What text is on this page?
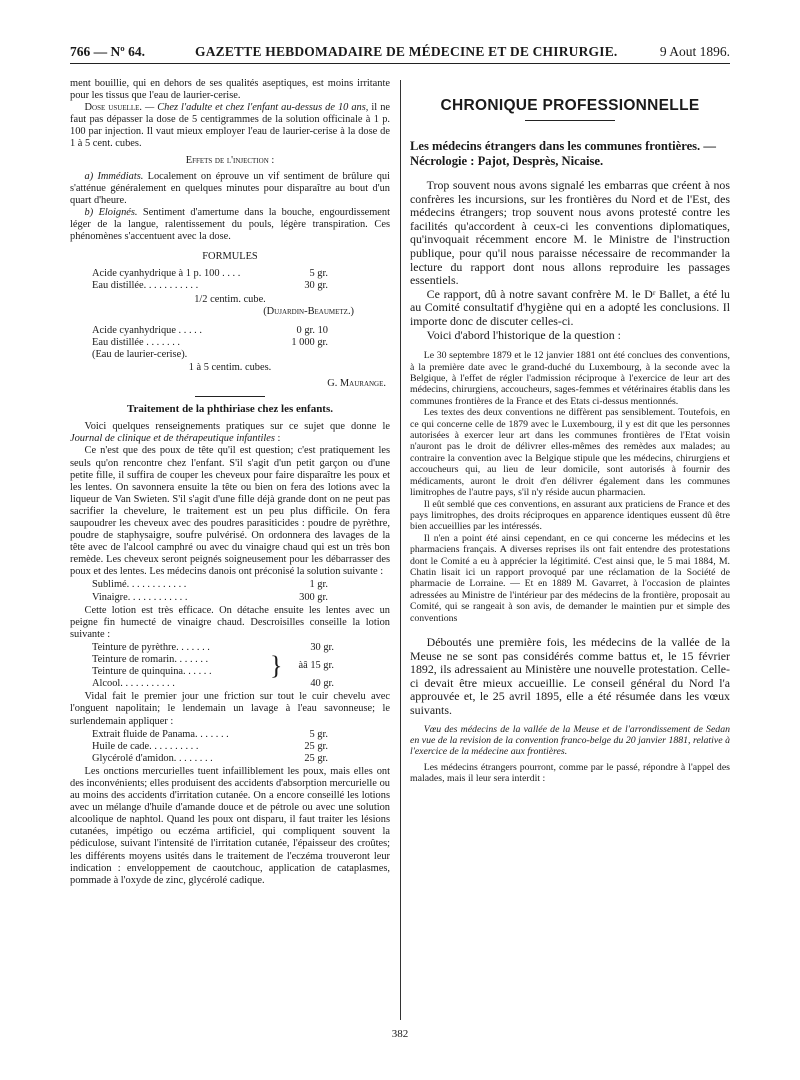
766 — Nº 64.	GAZETTE HEBDOMADAIRE DE MÉDECINE ET DE CHIRURGIE.	9 Aout 1896.

ment bouillie, qui en dehors de ses qualités aseptiques, est moins irritante pour les tissus que l'eau de laurier-cerise.

Dose usuelle. — Chez l'adulte et chez l'enfant au-dessus de 10 ans, il ne faut pas dépasser la dose de 5 centigrammes de la solution officinale à 1 p. 100 par injection. Il vaut mieux employer l'eau de laurier-cerise à la dose de 1 à 5 cent. cubes.

Effets de l'injection :

a) Immédiats. Localement on éprouve un vif sentiment de brûlure qui s'atténue généralement en quelques minutes pour disparaître au bout d'un quart d'heure.

b) Eloignés. Sentiment d'amertume dans la bouche, engourdissement léger de la langue, ralentissement du pouls, légère transpiration. Ces phénomènes s'accentuent avec la dose.

FORMULES

Acide cyanhydrique à 1 p. 100 . . . .	5 gr.
Eau distillée. . . . . . . . . . .	30 gr.

1/2 centim. cube.

(Dujardin-Beaumetz.)

Acide cyanhydrique . . . . .	0 gr. 10
Eau distillée . . . . . . .	1 000 gr.
(Eau de laurier-cerise).	

1 à 5 centim. cubes.

G. Maurange.

Traitement de la phthiriase chez les enfants.

Voici quelques renseignements pratiques sur ce sujet que donne le Journal de clinique et de thérapeutique infantiles :

Ce n'est que des poux de tête qu'il est question; c'est pratiquement les seuls qu'on rencontre chez l'enfant. S'il s'agit d'un petit garçon ou d'une petite fille, il suffira de couper les cheveux pour faire disparaître les poux et les lentes. On savonnera ensuite la tête ou bien on fera des lotions avec la liqueur de Van Swieten. S'il s'agit d'une fille déjà grande dont on ne peut pas sacrifier la chevelure, le traitement est un peu plus difficile. On fera saupoudrer les cheveux avec des poudres parasiticides : poudre de pyrèthre, poudre de staphysaigre, soufre pulvérisé. On ordonnera des lavages de la tête avec de l'alcool camphré ou avec du vinaigre chaud qui est un très bon remède. Les cheveux seront peignés soigneusement pour les débarrasser des poux et des lentes. Les médecins danois ont préconisé la solution suivante :

Sublimé. . . . . . . . . . . .	1 gr.
Vinaigre. . . . . . . . . . . .	300 gr.

Cette lotion est très efficace. On détache ensuite les lentes avec un peigne fin humecté de vinaigre chaud. Descroisilles conseille la lotion suivante :

Teinture de pyrèthre. . . . . . .	30 gr.	
Teinture de romarin. . . . . . .	}	àâ 15 gr.
Teinture de quinquina. . . . . .		
Alcool. . . . . . . . . . .	40 gr.	

Vidal fait le premier jour une friction sur tout le cuir chevelu avec l'onguent napolitain; le lendemain un lavage à l'eau savonneuse; le surlendemain appliquer :

Extrait fluide de Panama. . . . . . .	5 gr.
Huile de cade. . . . . . . . . .	25 gr.
Glycérolé d'amidon. . . . . . . .	25 gr.

Les onctions mercurielles tuent infailliblement les poux, mais elles ont des inconvénients; elles produisent des accidents d'absorption mercurielle ou au moins des accidents d'irritation cutanée. On a encore conseillé les lotions avec un mélange d'huile d'amande douce et de pétrole ou avec une solution alcoolique de naphtol. Quand les poux ont disparu, il faut traiter les lésions cutanées, impétigo ou eczéma artificiel, qui compliquent souvent la pédiculose, suivant l'intensité de l'irritation cutanée, l'épaisseur des croûtes; les différents moyens usités dans le traitement de l'eczéma trouveront leur indication : enveloppement de caoutchouc, application de cataplasmes, pommade à l'oxyde de zinc, glycérolé cadique.

CHRONIQUE PROFESSIONNELLE

Les médecins étrangers dans les communes frontières. — Nécrologie : Pajot, Desprès, Nicaise.

Trop souvent nous avons signalé les embarras que créent à nos confrères les incursions, sur les frontières du Nord et de l'Est, des médecins étrangers; trop souvent nous avons protesté contre les facilités qu'accordent à ceux-ci les conventions diplomatiques, qu'invoquait récemment encore M. le Ministre de l'instruction publique, pour qu'il nous paraisse nécessaire de recommander la lecture du rapport dont nous allons reproduire les passages essentiels.

Ce rapport, dû à notre savant confrère M. le Dʳ Ballet, a été lu au Comité consultatif d'hygiène qui en a adopté les conclusions. Il importe donc de discuter celles-ci.

Voici d'abord l'historique de la question :

Le 30 septembre 1879 et le 12 janvier 1881 ont été conclues des conventions, à la première date avec le grand-duché du Luxembourg, à la seconde avec la Belgique, à l'effet de régler l'admission réciproque à l'exercice de leur art des médecins, chirurgiens, accoucheurs, sages-femmes et vétérinaires établis dans les communes frontières de la France et des Etats ci-dessus mentionnés.

Les textes des deux conventions ne diffèrent pas sensiblement. Toutefois, en ce qui concerne celle de 1879 avec le Luxembourg, il y est dit que les personnes autorisées à exercer leur art dans les communes frontières de l'Etat voisin n'auront pas le droit de délivrer elles-mêmes des remèdes aux malades; au contraire la convention avec la Belgique stipule que les médecins, chirurgiens et accoucheurs qui, au lieu de leur domicile, sont autorisés à fournir des médicaments, auront le droit d'en délivrer également dans les communes limitrophes de l'autre pays, s'il n'y réside aucun pharmacien.

Il eût semblé que ces conventions, en assurant aux praticiens de France et des pays limitrophes, des droits réciproques en apparence identiques eussent dû être bien accueillies par les intéressés.

Il n'en a point été ainsi cependant, en ce qui concerne les médecins et les pharmaciens français. A diverses reprises ils ont fait entendre des protestations dont le Comité a eu à apprécier la légitimité. C'est ainsi que, le 5 mai 1884, M. Chatin lisait ici un rapport provoqué par une réclamation de la Société de pharmacie de Lorraine. — Et en 1889 M. Gavarret, à l'occasion de plaintes adressées au Ministre de l'intérieur par des médecins de la frontière, proposait au Comité, qui se rangeait à son avis, de demander le maintien pur et simple des conventions

Déboutés une première fois, les médecins de la vallée de la Meuse ne se sont pas considérés comme battus et, le 15 février 1892, ils adressaient au Ministère une nouvelle protestation. Celle-ci devait être mieux accueillie. Le conseil général du Nord l'a approuvée et, le 25 avril 1895, elle a été résumée dans les vœux suivants.

Vœu des médecins de la vallée de la Meuse et de l'arrondissement de Sedan en vue de la revision de la convention franco-belge du 20 janvier 1881, relative à l'exercice de la médecine aux frontières.

Les médecins étrangers pourront, comme par le passé, répondre à l'appel des malades, mais il leur sera interdit :

382
